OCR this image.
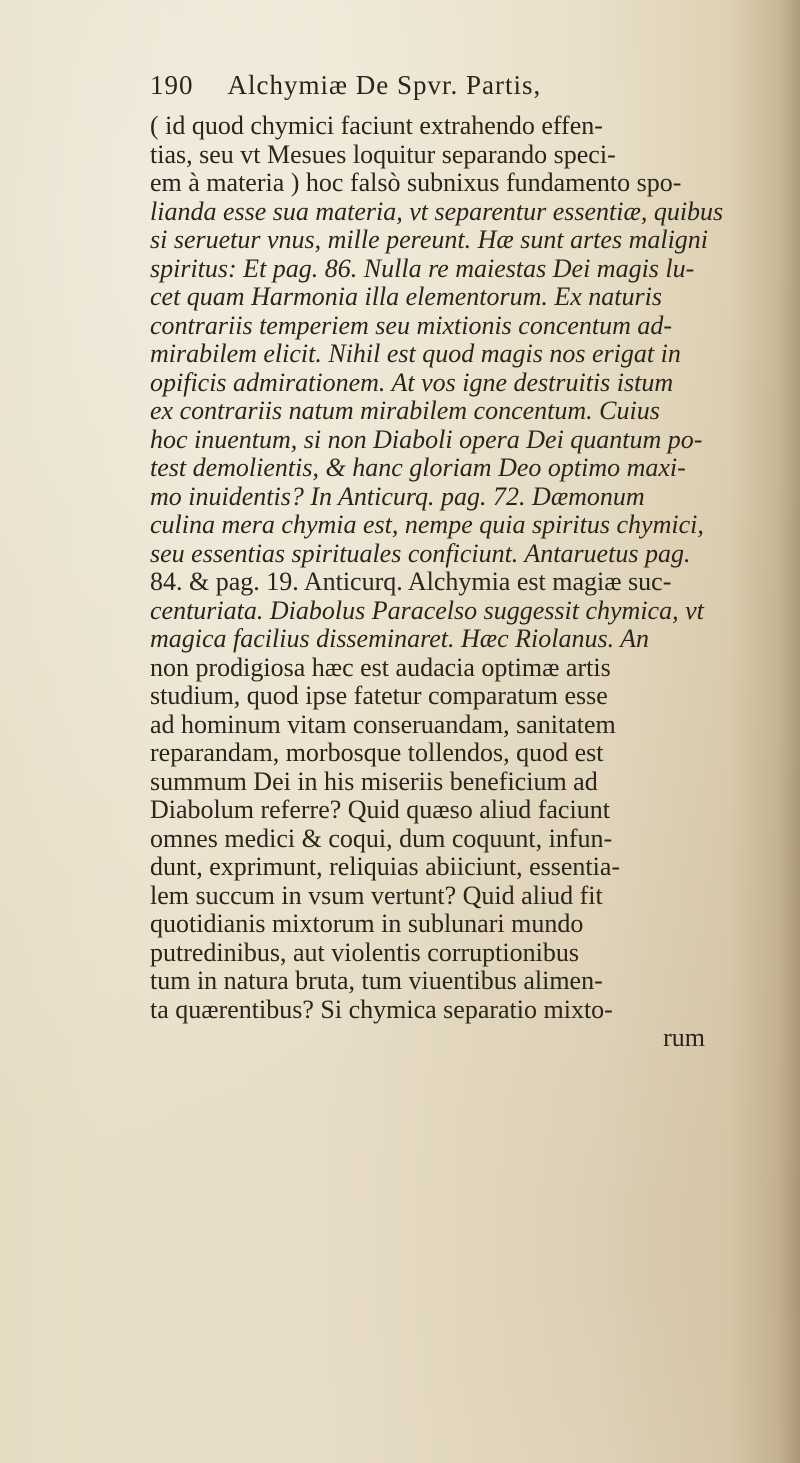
190 Alchymiæ De Spvr. Partis,
( id quod chymici faciunt extrahendo effen-
tias, seu vt Mesues loquitur separando speci-
em à materia ) hoc falsò subnixus fundamento spo-
lianda esse sua materia, vt separentur essentiæ, quibus
si seruetur vnus, mille pereunt. Hæ sunt artes maligni
spiritus: Et pag. 86. Nulla re maiestas Dei magis lu-
cet quam Harmonia illa elementorum. Ex naturis
contrariis temperiem seu mixtionis concentum ad-
mirabilem elicit. Nihil est quod magis nos erigat in
opificis admirationem. At vos igne destruitis istum
ex contrariis natum mirabilem concentum. Cuius
hoc inuentum, si non Diaboli opera Dei quantum po-
test demolientis, & hanc gloriam Deo optimo maxi-
mo inuidentis? In Anticurq. pag. 72. Dæmonum
culina mera chymia est, nempe quia spiritus chymici,
seu essentias spirituales conficiunt. Antaruetus pag.
84. & pag. 19. Anticurq. Alchymia est magiæ suc-
centuriata. Diabolus Paracelso suggessit chymica, vt
magica facilius disseminaret. Hæc Riolanus. An
non prodigiosa hæc est audacia optimæ artis
studium, quod ipse fatetur comparatum esse
ad hominum vitam conseruandam, sanitatem
reparandam, morbosque tollendos, quod est
summum Dei in his miseriis beneficium ad
Diabolum referre? Quid quæso aliud faciunt
omnes medici & coqui, dum coquunt, infun-
dunt, exprimunt, reliquias abiiciunt, essentia-
lem succum in vsum vertunt? Quid aliud fit
quotidianis mixtorum in sublunari mundo
putredinibus, aut violentis corruptionibus
tum in natura bruta, tum viuentibus alimen-
ta quærentibus? Si chymica separatio mixto-
rum
